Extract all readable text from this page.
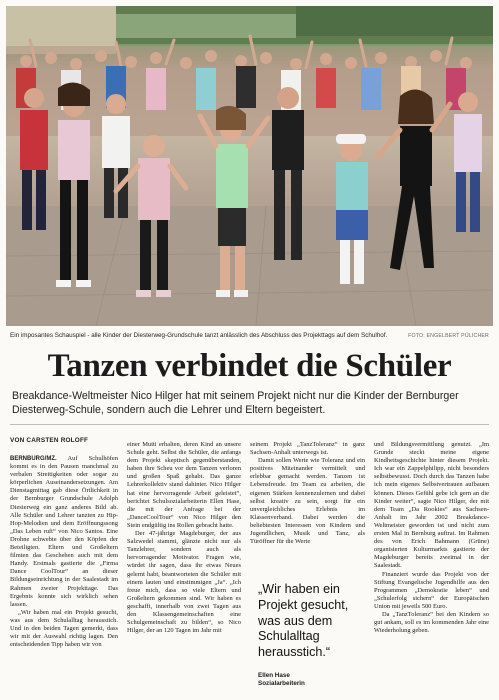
Ein imposantes Schauspiel - alle Kinder der Diesterweg-Grundschule tanzt anlässlich des Abschluss des Projekttags auf dem Schulhof.	FOTO: ENGELBERT PÜLICHER
Tanzen verbindet die Schüler
Breakdance-Weltmeister Nico Hilger hat mit seinem Projekt nicht nur die Kinder der Bernburger Diesterweg-Schule, sondern auch die Lehrer und Eltern begeistert.
VON CARSTEN ROLOFF

BERNBURG/MZ. Auf Schulhöfen kommt es in den Pausen manchmal zu verbalen Streitigkeiten oder sogar zu körperlichen Auseinandersetzungen. Am Dienstagmittag gab diese Örtlichkeit in der Bernburger Grundschule Adolph Diesterweg ein ganz anderes Bild ab. Alle Schüler und Lehrer tanzten zu Hip-Hop-Melodien und dem Eröffnungssong „Das Leben ruft“ von Nico Santos. Eine Drohne schwebte über den Köpfen der Beteiligten. Eltern und Großeltern filmten das Geschehen auch mit dem Handy. Erstmals gastierte die „Firma Dance CoolTour“ an dieser Bildungseinrichtung in der Saalestadt im Rahmen zweier Projekttage. Das Ergebnis konnte sich wirklich sehen lassen.

„Wir haben mal ein Projekt gesucht, was aus dem Schulalltag herausstich. Und in den beiden Tagen gemerkt, dass wir mit der Auswahl richtig lagen. Den entscheidenden Tipp haben wir von

einer Mutti erhalten, deren Kind an unsere Schule geht. Selbst die Schüler, die anfangs dem Projekt skeptisch gegenüberstanden, haben ihre Scheu vor dem Tanzen verloren und großen Spaß gehabt. Das ganze Lehrerkollektiv stand dahinter. Nico Hilger hat eine hervorragende Arbeit geleistet“, berichtet Schulsozialarbeiterin Ellen Hase, die mit der Anfrage bei der „DanceCoolTour“ von Nico Hilger den Stein endgültig ins Rollen gebracht hatte.

Der 47-jährige Magdeburger, der aus Salzwedel stammt, glänzte nicht nur als Tanzlehrer, sondern auch als hervorragender Motivator. Fragen wie, würdet ihr sagen, dass ihr etwas Neues gelernt habt, beantworteten die Schüler mit einem lauten und einstimmigen „Ja“. „Ich freue mich, dass so viele Eltern und Großeltern gekommen sind. Wir haben es geschafft, innerhalb von zwei Tagen aus den Klassengemeinschaften eine Schulgemeinschaft zu bilden“, so Nico Hilger, der an 120 Tagen im Jahr mit

seinem Projekt „TanzToleranz“ in ganz Sachsen-Anhalt unterwegs ist.

Damit sollen Werte wie Toleranz und ein positives Miteinander vermittelt und erlebbar gemacht werden. Tanzen ist Lebensfreude. Im Team zu arbeiten, die eigenen Stärken kennenzulernen und dabei selbst kreativ zu sein, sorgt für ein unvergleichliches Erlebnis im Klassenverband. Dabei werden die beliebtesten Interessen von Kindern und Jugendlichen, Musik und Tanz, als Türöffner für die Werte

„Wir haben ein Projekt gesucht, was aus dem Schulalltag herausstich.“
Ellen Hase
Sozialarbeiterin

und Bildungsvermittlung genutzt. „Im Grunde steckt meine eigene Kindheitsgeschichte hinter diesem Projekt. Ich war ein Zappelphilipp, nicht besonders selbstbewusst. Doch durch das Tanzen habe ich mein eigenes Selbstvertrauen aufbauen können. Dieses Gefühl gebe ich gern an die Kinder weiter“, sagte Nico Hilger, der mit dem Team „Da Rookies“ aus Sachsen-Anhalt im Jahr 2002 Breakdance-Weltmeister geworden ist und nicht zum ersten Mal in Bernburg auftrat. Im Rahmen des von Erich Bahmann (Grüne) organisierten Kulturmarkts gastierte der Magdeburger bereits zweimal in der Saalestadt.

Finanziert wurde das Projekt von der Stiftung Evangelische Jugendhilfe aus den Programmen „Demokratie leben“ und „Schulerfolg sichern“ der Europäischen Union mit jeweils 500 Euro.

Da „TanzToleranz“ bei den Kindern so gut ankam, soll es im kommenden Jahr eine Wiederholung geben.
